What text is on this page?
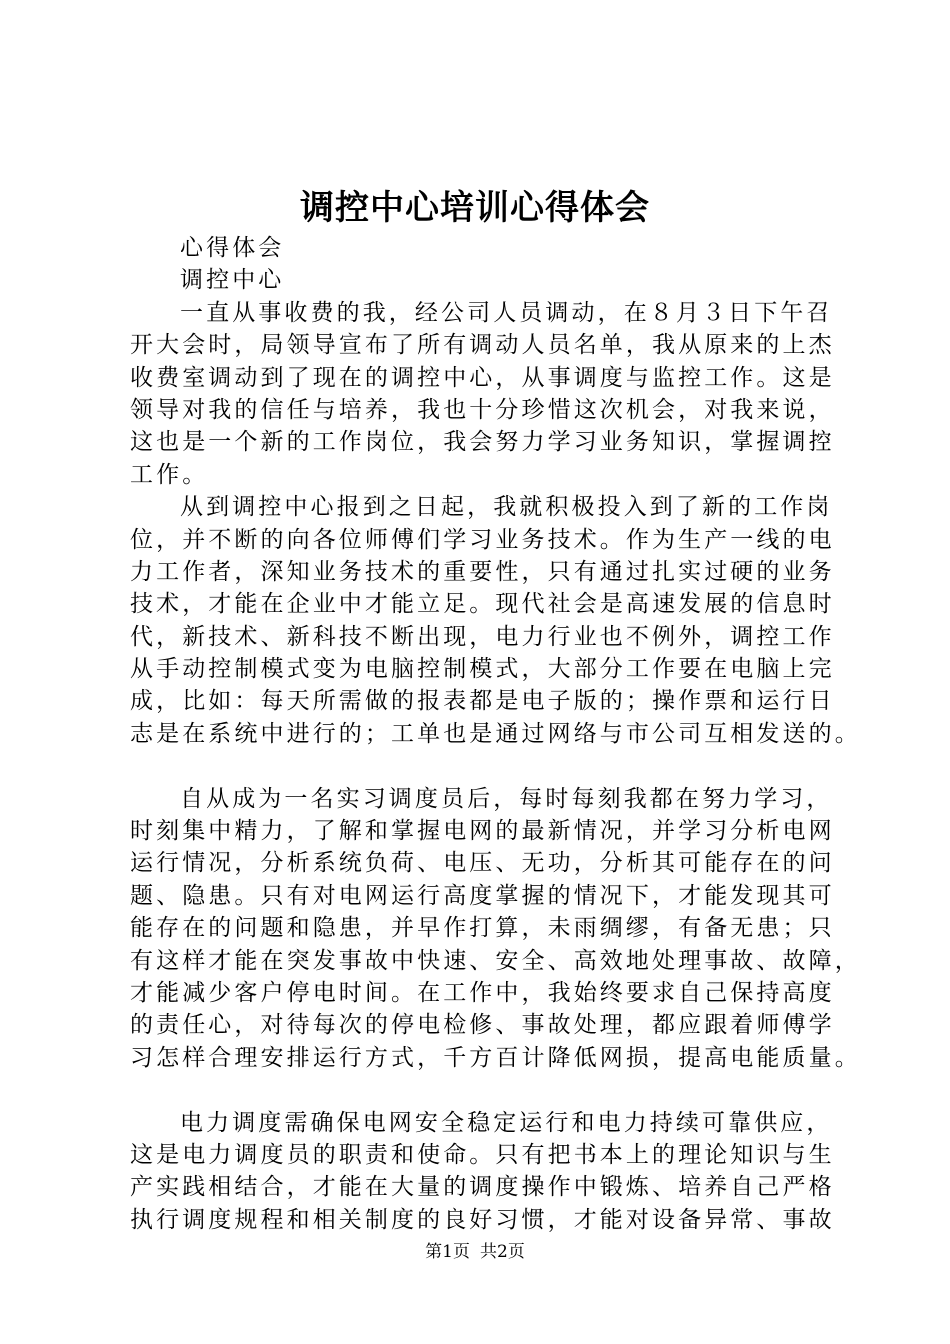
调控中心培训心得体会
心得体会
调控中心
一直从事收费的我，经公司人员调动，在８月３日下午召
开大会时，局领导宣布了所有调动人员名单，我从原来的上杰
收费室调动到了现在的调控中心，从事调度与监控工作。这是
领导对我的信任与培养，我也十分珍惜这次机会，对我来说，
这也是一个新的工作岗位，我会努力学习业务知识，掌握调控
工作。
从到调控中心报到之日起，我就积极投入到了新的工作岗
位，并不断的向各位师傅们学习业务技术。作为生产一线的电
力工作者，深知业务技术的重要性，只有通过扎实过硬的业务
技术，才能在企业中才能立足。现代社会是高速发展的信息时
代，新技术、新科技不断出现，电力行业也不例外，调控工作
从手动控制模式变为电脑控制模式，大部分工作要在电脑上完
成，比如：每天所需做的报表都是电子版的；操作票和运行日
志是在系统中进行的；工单也是通过网络与市公司互相发送的。
自从成为一名实习调度员后，每时每刻我都在努力学习，
时刻集中精力，了解和掌握电网的最新情况，并学习分析电网
运行情况，分析系统负荷、电压、无功，分析其可能存在的问
题、隐患。只有对电网运行高度掌握的情况下，才能发现其可
能存在的问题和隐患，并早作打算，未雨绸缪，有备无患；只
有这样才能在突发事故中快速、安全、高效地处理事故、故障，
才能减少客户停电时间。在工作中，我始终要求自己保持高度
的责任心，对待每次的停电检修、事故处理，都应跟着师傅学
习怎样合理安排运行方式，千方百计降低网损，提高电能质量。
电力调度需确保电网安全稳定运行和电力持续可靠供应，
这是电力调度员的职责和使命。只有把书本上的理论知识与生
产实践相结合，才能在大量的调度操作中锻炼、培养自己严格
执行调度规程和相关制度的良好习惯，才能对设备异常、事故
第1页 共2页
